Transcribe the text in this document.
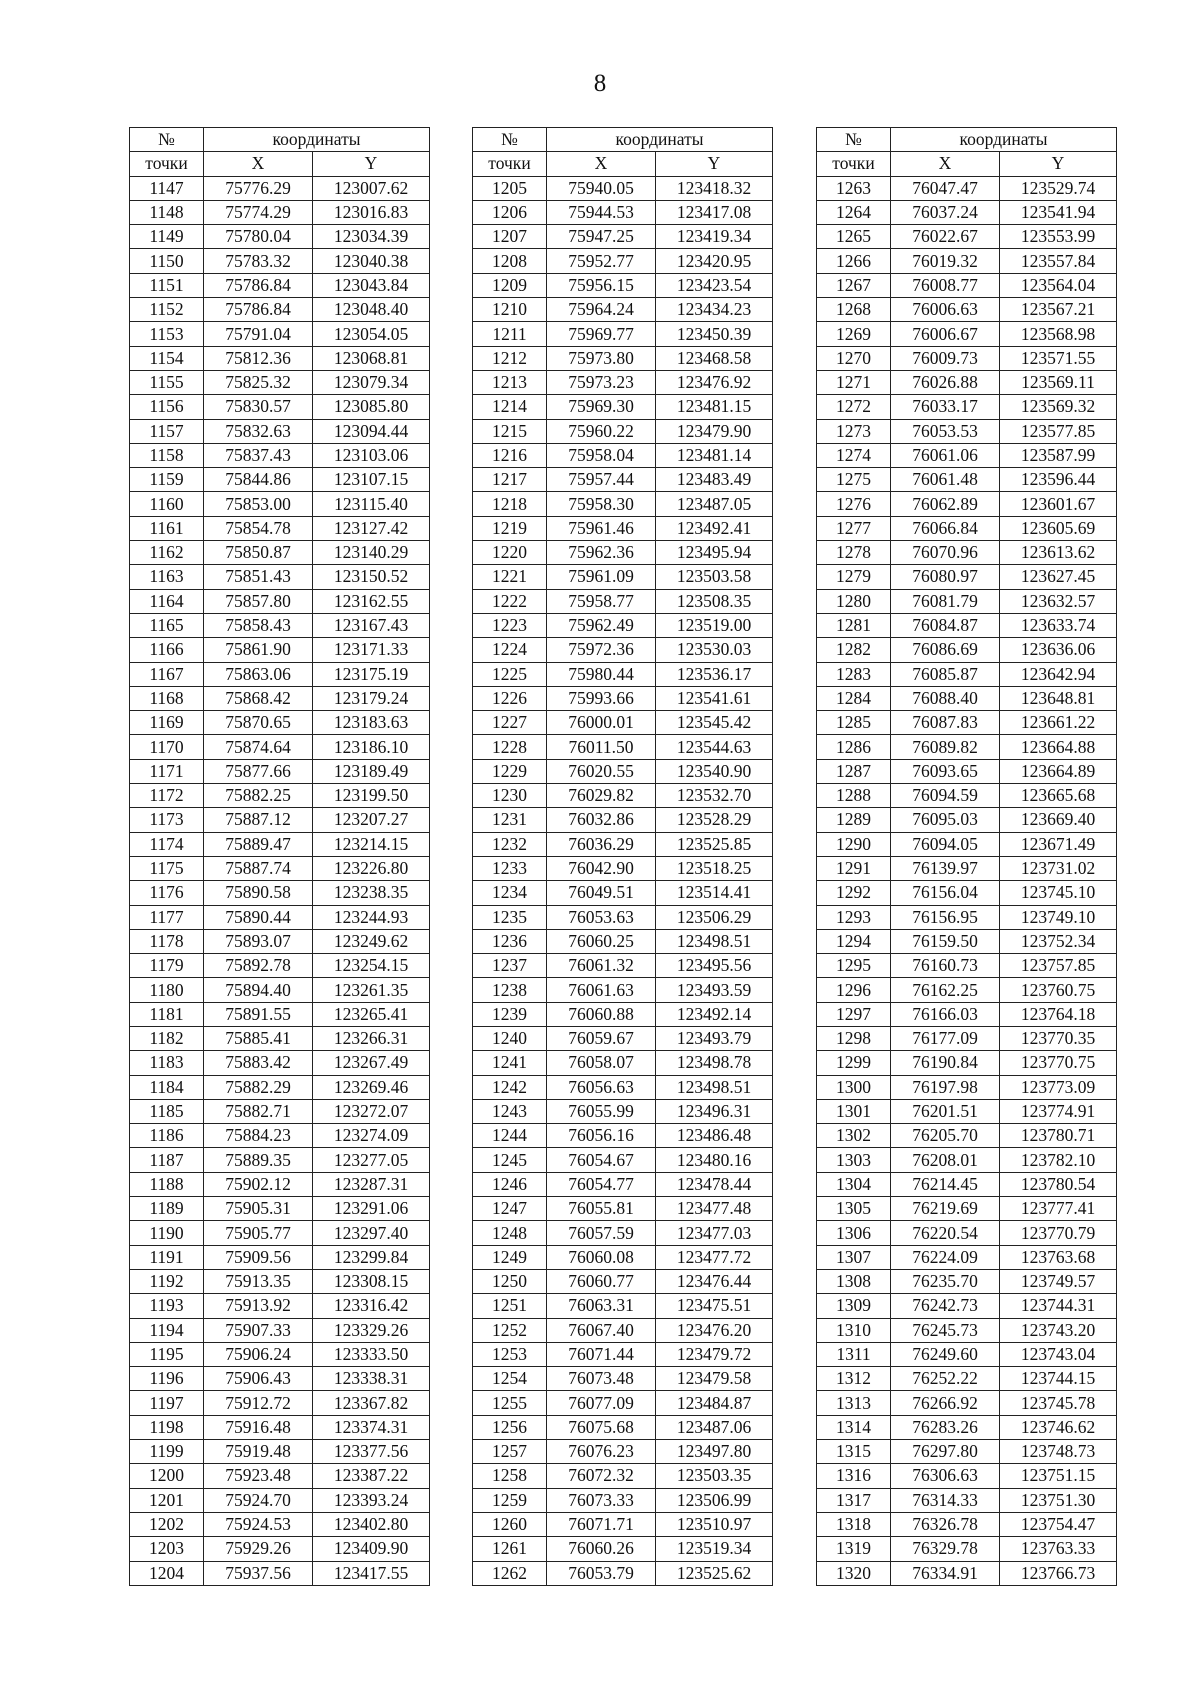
8
№	координаты	
точки	X	Y
1147	75776.29	123007.62
1148	75774.29	123016.83
1149	75780.04	123034.39
1150	75783.32	123040.38
1151	75786.84	123043.84
1152	75786.84	123048.40
1153	75791.04	123054.05
1154	75812.36	123068.81
1155	75825.32	123079.34
1156	75830.57	123085.80
1157	75832.63	123094.44
1158	75837.43	123103.06
1159	75844.86	123107.15
1160	75853.00	123115.40
1161	75854.78	123127.42
1162	75850.87	123140.29
1163	75851.43	123150.52
1164	75857.80	123162.55
1165	75858.43	123167.43
1166	75861.90	123171.33
1167	75863.06	123175.19
1168	75868.42	123179.24
1169	75870.65	123183.63
1170	75874.64	123186.10
1171	75877.66	123189.49
1172	75882.25	123199.50
1173	75887.12	123207.27
1174	75889.47	123214.15
1175	75887.74	123226.80
1176	75890.58	123238.35
1177	75890.44	123244.93
1178	75893.07	123249.62
1179	75892.78	123254.15
1180	75894.40	123261.35
1181	75891.55	123265.41
1182	75885.41	123266.31
1183	75883.42	123267.49
1184	75882.29	123269.46
1185	75882.71	123272.07
1186	75884.23	123274.09
1187	75889.35	123277.05
1188	75902.12	123287.31
1189	75905.31	123291.06
1190	75905.77	123297.40
1191	75909.56	123299.84
1192	75913.35	123308.15
1193	75913.92	123316.42
1194	75907.33	123329.26
1195	75906.24	123333.50
1196	75906.43	123338.31
1197	75912.72	123367.82
1198	75916.48	123374.31
1199	75919.48	123377.56
1200	75923.48	123387.22
1201	75924.70	123393.24
1202	75924.53	123402.80
1203	75929.26	123409.90
1204	75937.56	123417.55
№	координаты	
точки	X	Y
1205	75940.05	123418.32
1206	75944.53	123417.08
1207	75947.25	123419.34
1208	75952.77	123420.95
1209	75956.15	123423.54
1210	75964.24	123434.23
1211	75969.77	123450.39
1212	75973.80	123468.58
1213	75973.23	123476.92
1214	75969.30	123481.15
1215	75960.22	123479.90
1216	75958.04	123481.14
1217	75957.44	123483.49
1218	75958.30	123487.05
1219	75961.46	123492.41
1220	75962.36	123495.94
1221	75961.09	123503.58
1222	75958.77	123508.35
1223	75962.49	123519.00
1224	75972.36	123530.03
1225	75980.44	123536.17
1226	75993.66	123541.61
1227	76000.01	123545.42
1228	76011.50	123544.63
1229	76020.55	123540.90
1230	76029.82	123532.70
1231	76032.86	123528.29
1232	76036.29	123525.85
1233	76042.90	123518.25
1234	76049.51	123514.41
1235	76053.63	123506.29
1236	76060.25	123498.51
1237	76061.32	123495.56
1238	76061.63	123493.59
1239	76060.88	123492.14
1240	76059.67	123493.79
1241	76058.07	123498.78
1242	76056.63	123498.51
1243	76055.99	123496.31
1244	76056.16	123486.48
1245	76054.67	123480.16
1246	76054.77	123478.44
1247	76055.81	123477.48
1248	76057.59	123477.03
1249	76060.08	123477.72
1250	76060.77	123476.44
1251	76063.31	123475.51
1252	76067.40	123476.20
1253	76071.44	123479.72
1254	76073.48	123479.58
1255	76077.09	123484.87
1256	76075.68	123487.06
1257	76076.23	123497.80
1258	76072.32	123503.35
1259	76073.33	123506.99
1260	76071.71	123510.97
1261	76060.26	123519.34
1262	76053.79	123525.62
№	координаты	
точки	X	Y
1263	76047.47	123529.74
1264	76037.24	123541.94
1265	76022.67	123553.99
1266	76019.32	123557.84
1267	76008.77	123564.04
1268	76006.63	123567.21
1269	76006.67	123568.98
1270	76009.73	123571.55
1271	76026.88	123569.11
1272	76033.17	123569.32
1273	76053.53	123577.85
1274	76061.06	123587.99
1275	76061.48	123596.44
1276	76062.89	123601.67
1277	76066.84	123605.69
1278	76070.96	123613.62
1279	76080.97	123627.45
1280	76081.79	123632.57
1281	76084.87	123633.74
1282	76086.69	123636.06
1283	76085.87	123642.94
1284	76088.40	123648.81
1285	76087.83	123661.22
1286	76089.82	123664.88
1287	76093.65	123664.89
1288	76094.59	123665.68
1289	76095.03	123669.40
1290	76094.05	123671.49
1291	76139.97	123731.02
1292	76156.04	123745.10
1293	76156.95	123749.10
1294	76159.50	123752.34
1295	76160.73	123757.85
1296	76162.25	123760.75
1297	76166.03	123764.18
1298	76177.09	123770.35
1299	76190.84	123770.75
1300	76197.98	123773.09
1301	76201.51	123774.91
1302	76205.70	123780.71
1303	76208.01	123782.10
1304	76214.45	123780.54
1305	76219.69	123777.41
1306	76220.54	123770.79
1307	76224.09	123763.68
1308	76235.70	123749.57
1309	76242.73	123744.31
1310	76245.73	123743.20
1311	76249.60	123743.04
1312	76252.22	123744.15
1313	76266.92	123745.78
1314	76283.26	123746.62
1315	76297.80	123748.73
1316	76306.63	123751.15
1317	76314.33	123751.30
1318	76326.78	123754.47
1319	76329.78	123763.33
1320	76334.91	123766.73
